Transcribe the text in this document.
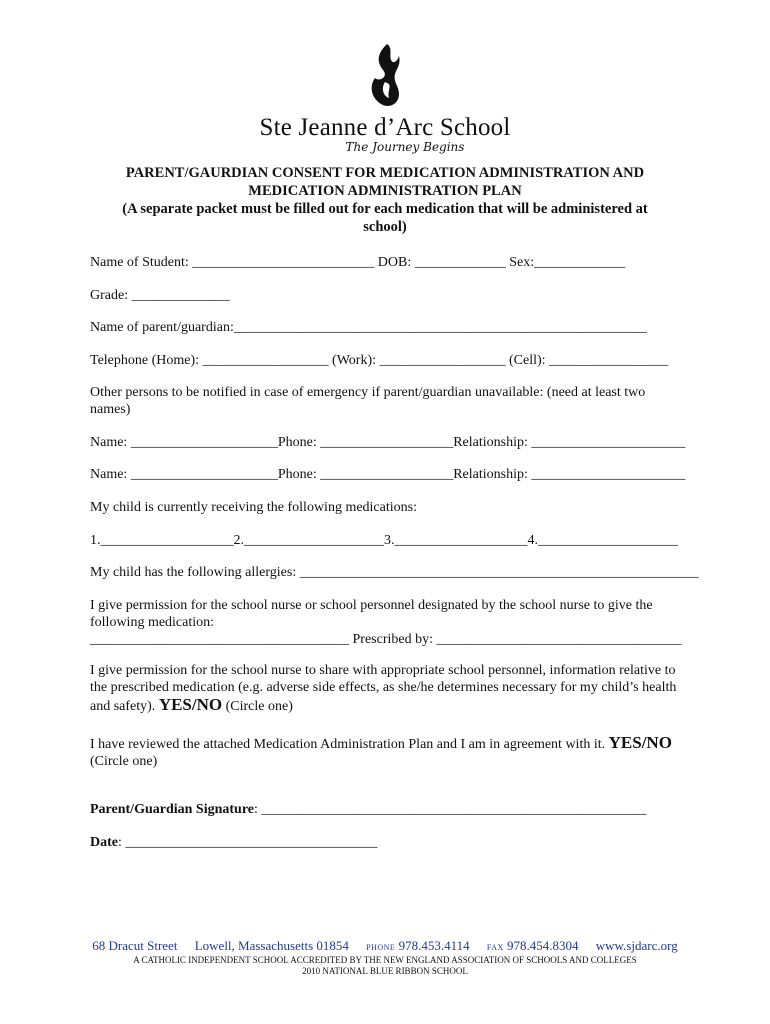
Ste Jeanne d’Arc School
The Journey Begins
PARENT/GAURDIAN CONSENT FOR MEDICATION ADMINISTRATION AND
MEDICATION ADMINISTRATION PLAN
(A separate packet must be filled out for each medication that will be administered at
school)
Name of Student: __________________________ DOB: _____________ Sex:_____________
Grade: ______________
Name of parent/guardian:___________________________________________________________
Telephone (Home): __________________ (Work): __________________ (Cell): _________________
Other persons to be notified in case of emergency if parent/guardian unavailable: (need at least two names)
Name: _____________________Phone: ___________________Relationship: ______________________
Name: _____________________Phone: ___________________Relationship: ______________________
My child is currently receiving the following medications:
1.___________________2.____________________3.___________________4.____________________
My child has the following allergies: _________________________________________________________
I give permission for the school nurse or school personnel designated by the school nurse to give the following medication:
_____________________________________ Prescribed by: ___________________________________
I give permission for the school nurse to share with appropriate school personnel, information relative to the prescribed medication (e.g. adverse side effects, as she/he determines necessary for my child’s health and safety). YES/NO (Circle one)
I have reviewed the attached Medication Administration Plan and I am in agreement with it. YES/NO
(Circle one)
Parent/Guardian Signature: _______________________________________________________
Date: ____________________________________
68 Dracut Street Lowell, Massachusetts 01854 PHONE 978.453.4114 FAX 978.454.8304 www.sjdarc.org
A CATHOLIC INDEPENDENT SCHOOL ACCREDITED BY THE NEW ENGLAND ASSOCIATION OF SCHOOLS AND COLLEGES
2010 NATIONAL BLUE RIBBON SCHOOL
